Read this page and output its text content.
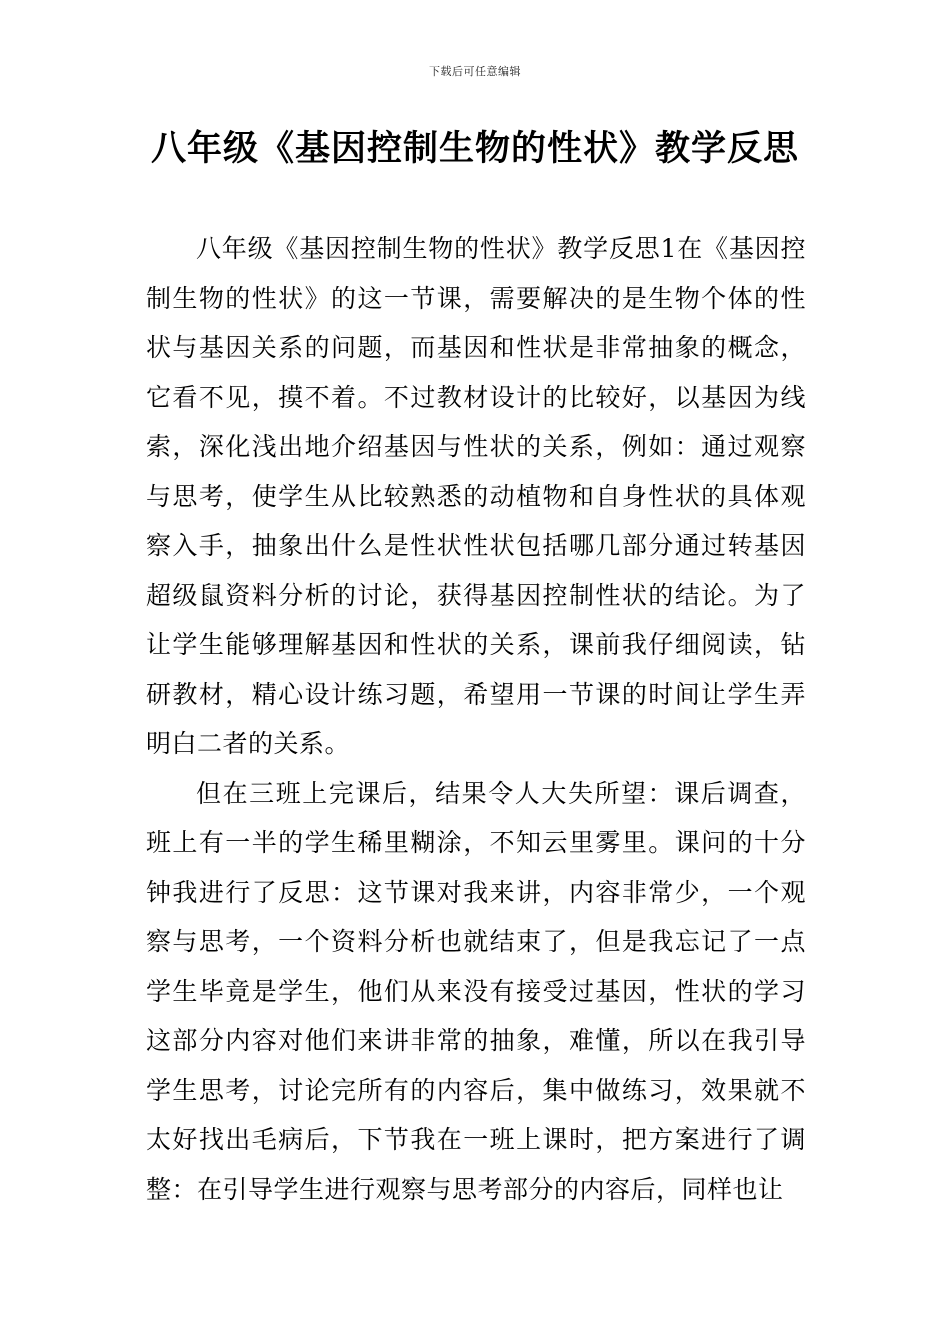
下载后可任意编辑
八年级《基因控制生物的性状》教学反思

八年级《基因控制生物的性状》教学反思1在《基因控制生物的性状》的这一节课，需要解决的是生物个体的性状与基因关系的问题，而基因和性状是非常抽象的概念，它看不见，摸不着。不过教材设计的比较好，以基因为线索，深化浅出地介绍基因与性状的关系，例如：通过观察与思考，使学生从比较熟悉的动植物和自身性状的具体观察入手，抽象出什么是性状性状包括哪几部分通过转基因超级鼠资料分析的讨论，获得基因控制性状的结论。为了让学生能够理解基因和性状的关系，课前我仔细阅读，钻研教材，精心设计练习题，希望用一节课的时间让学生弄明白二者的关系。

但在三班上完课后，结果令人大失所望：课后调查，班上有一半的学生稀里糊涂，不知云里雾里。课问的十分钟我进行了反思：这节课对我来讲，内容非常少，一个观察与思考，一个资料分析也就结束了，但是我忘记了一点学生毕竟是学生，他们从来没有接受过基因，性状的学习这部分内容对他们来讲非常的抽象，难懂，所以在我引导学生思考，讨论完所有的内容后，集中做练习，效果就不太好找出毛病后，下节我在一班上课时，把方案进行了调整：在引导学生进行观察与思考部分的内容后，同样也让
